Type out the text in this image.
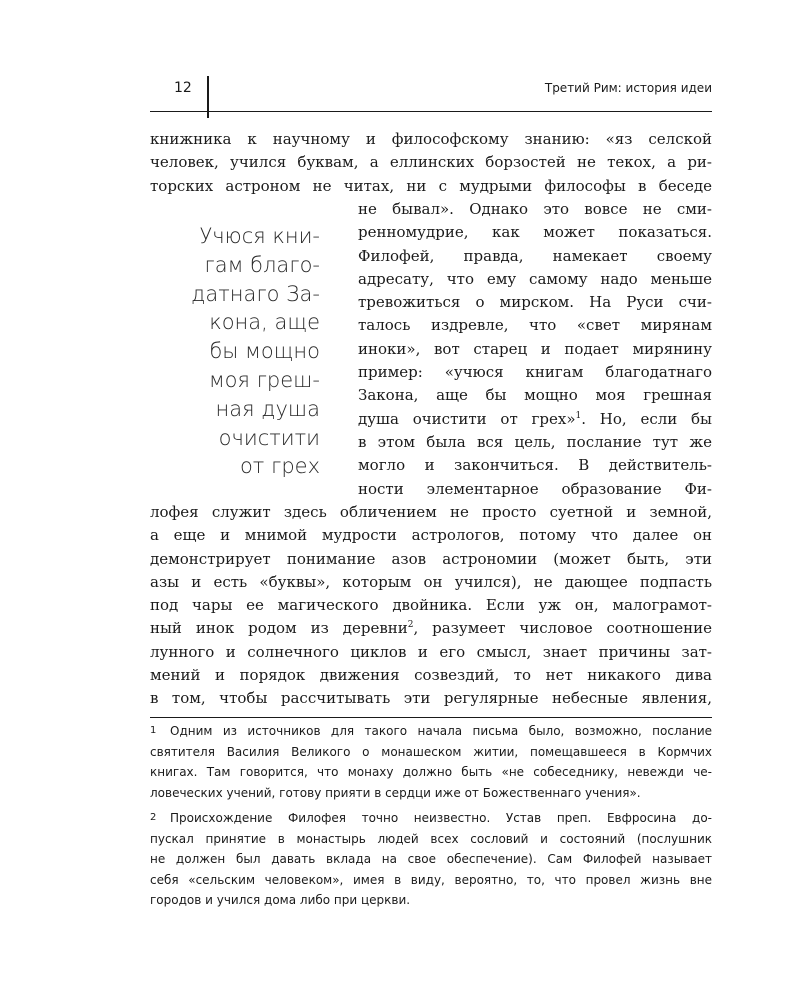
12	Третий Рим: история идеи
книжника к научному и философскому знанию: «яз селской
человек, учился буквам, а еллинских борзостей не текох, а ри-
торских астроном не читах, ни с мудрыми философы в беседе
Учюся кни-
гам благо-
датнаго За-
кона, аще
бы мощно
моя греш-
ная душа
очистити
от грех
не бывал». Однако это вовсе не сми-
ренномудрие, как может показаться.
Филофей, правда, намекает своему
адресату, что ему самому надо меньше
тревожиться о мирском. На Руси счи-
талось издревле, что «свет мирянам
иноки», вот старец и подает мирянину
пример: «учюся книгам благодатнаго
Закона, аще бы мощно моя грешная
душа очистити от грех»$^1$. Но, если бы
в этом была вся цель, послание тут же
могло и закончиться. В действитель-
ности элементарное образование Фи-
лофея служит здесь обличением не просто суетной и земной,
а еще и мнимой мудрости астрологов, потому что далее он
демонстрирует понимание азов астрономии (может быть, эти
азы и есть «буквы», которым он учился), не дающее подпасть
под чары ее магического двойника. Если уж он, малограмот-
ный инок родом из деревни$^2$, разумеет числовое соотношение
лунного и солнечного циклов и его смысл, знает причины зат-
мений и порядок движения созвездий, то нет никакого дива
в том, чтобы рассчитывать эти регулярные небесные явления,
1	Одним из источников для такого начала письма было, возможно, послание
святителя Василия Великого о монашеском житии, помещавшееся в Кормчих
книгах. Там говорится, что монаху должно быть «не собеседнику, невежди че-
ловеческих учений, готову прияти в сердци иже от Божественнаго учения».
2	Происхождение Филофея точно неизвестно. Устав преп. Евфросина до-
пускал принятие в монастырь людей всех сословий и состояний (послушник
не должен был давать вклада на свое обеспечение). Сам Филофей называет
себя «сельским человеком», имея в виду, вероятно, то, что провел жизнь вне
городов и учился дома либо при церкви.
